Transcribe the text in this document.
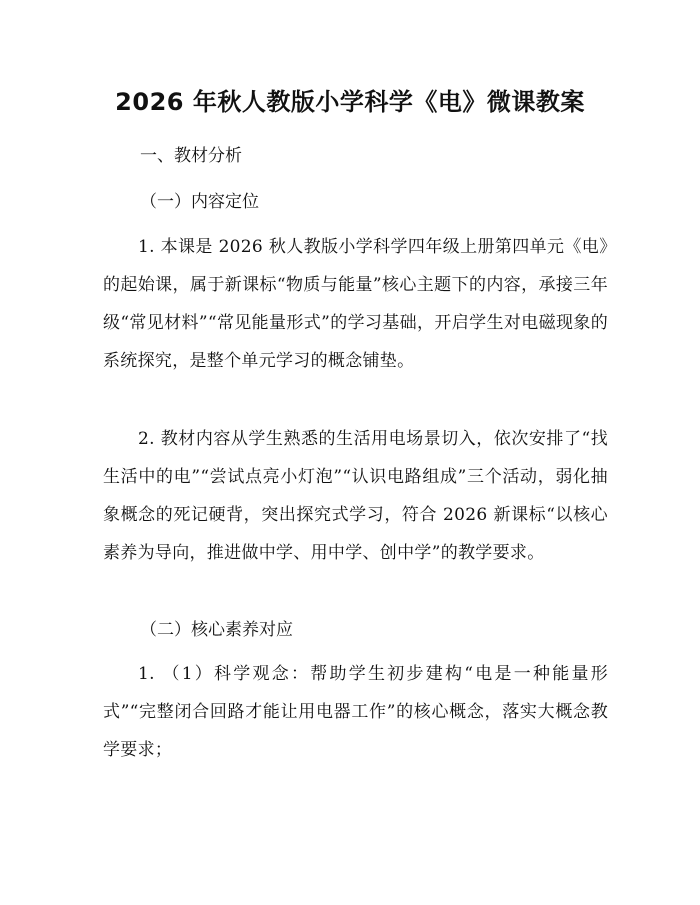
2026 年秋人教版小学科学《电》微课教案
一、教材分析
（一）内容定位
1. 本课是 2026 秋人教版小学科学四年级上册第四单元《电》的起始课，属于新课标“物质与能量”核心主题下的内容，承接三年级“常见材料”“常见能量形式”的学习基础，开启学生对电磁现象的系统探究，是整个单元学习的概念铺垫。
2. 教材内容从学生熟悉的生活用电场景切入，依次安排了“找生活中的电”“尝试点亮小灯泡”“认识电路组成”三个活动，弱化抽象概念的死记硬背，突出探究式学习，符合 2026 新课标“以核心素养为导向，推进做中学、用中学、创中学”的教学要求。
（二）核心素养对应
1. （1）科学观念：帮助学生初步建构“电是一种能量形式”“完整闭合回路才能让用电器工作”的核心概念，落实大概念教学要求；
